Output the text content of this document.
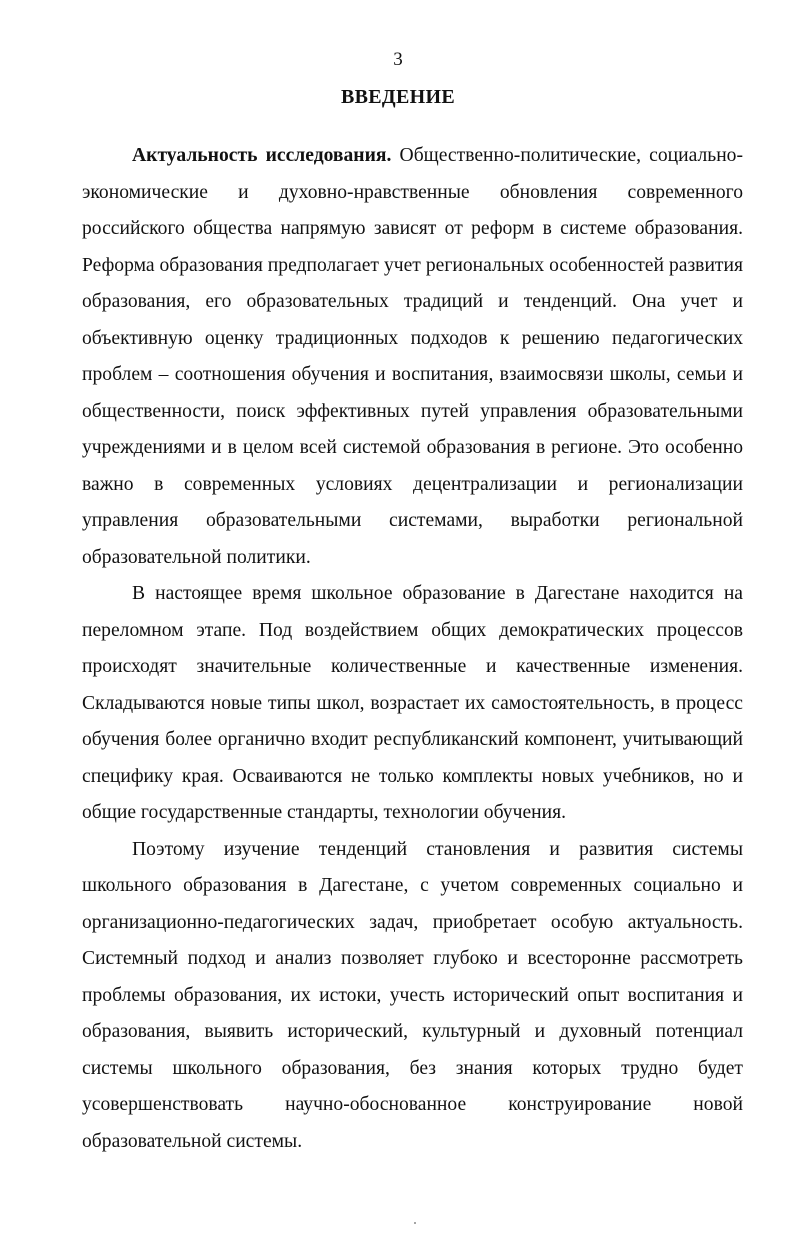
3
ВВЕДЕНИЕ

Актуальность исследования. Общественно-политические, социально-экономические и духовно-нравственные обновления современного российского общества напрямую зависят от реформ в системе образования. Реформа образования предполагает учет региональных особенностей развития образования, его образовательных традиций и тенденций. Она учет и объективную оценку традиционных подходов к решению педагогических проблем – соотношения обучения и воспитания, взаимосвязи школы, семьи и общественности, поиск эффективных путей управления образовательными учреждениями и в целом всей системой образования в регионе. Это особенно важно в современных условиях децентрализации и регионализации управления образовательными системами, выработки региональной образовательной политики.

В настоящее время школьное образование в Дагестане находится на переломном этапе. Под воздействием общих демократических процессов происходят значительные количественные и качественные изменения. Складываются новые типы школ, возрастает их самостоятельность, в процесс обучения более органично входит республиканский компонент, учитывающий специфику края. Осваиваются не только комплекты новых учебников, но и общие государственные стандарты, технологии обучения.

Поэтому изучение тенденций становления и развития системы школьного образования в Дагестане, с учетом современных социально и организационно-педагогических задач, приобретает особую актуальность. Системный подход и анализ позволяет глубоко и всесторонне рассмотреть проблемы образования, их истоки, учесть исторический опыт воспитания и образования, выявить исторический, культурный и духовный потенциал системы школьного образования, без знания которых трудно будет усовершенствовать научно-обоснованное конструирование новой образовательной системы.
